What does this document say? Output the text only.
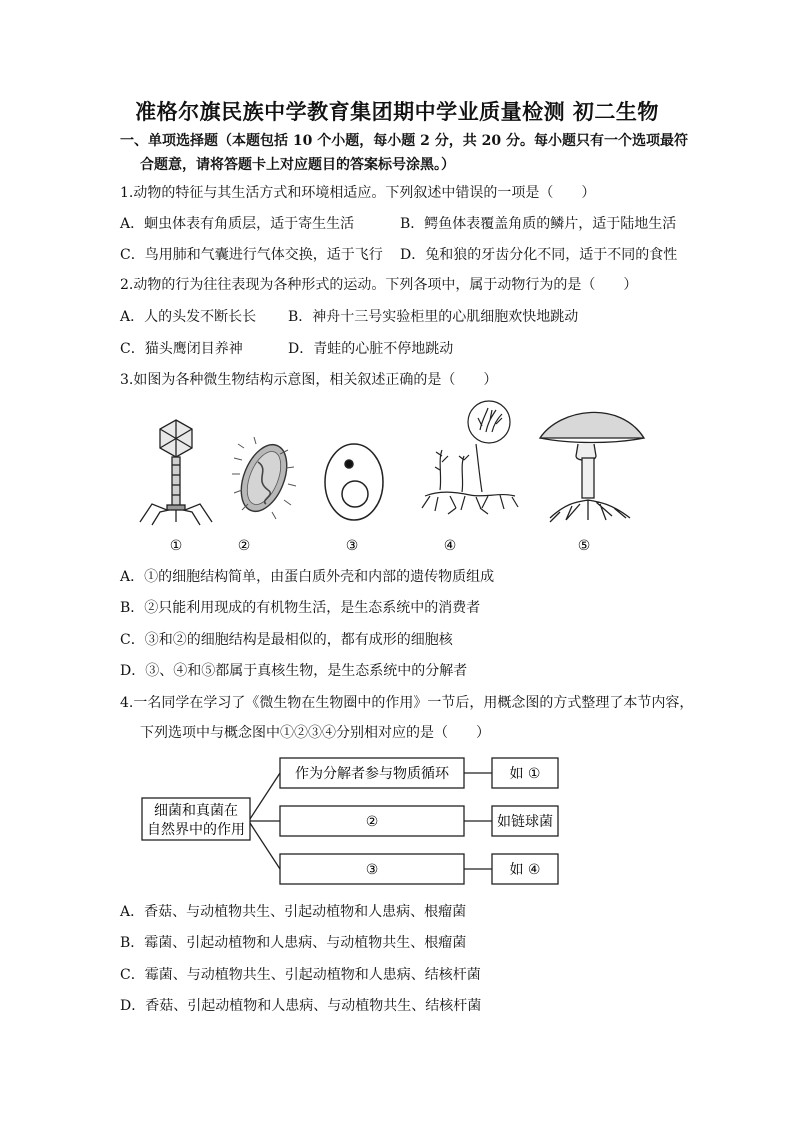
准格尔旗民族中学教育集团期中学业质量检测 初二生物
一、单项选择题（本题包括 10 个小题，每小题 2 分，共 20 分。每小题只有一个选项最符
合题意，请将答题卡上对应题目的答案标号涂黑。）
1.动物的特征与其生活方式和环境相适应。下列叙述中错误的一项是（　　）
A．蛔虫体表有角质层，适于寄生生活	B．鳄鱼体表覆盖角质的鳞片，适于陆地生活
C．鸟用肺和气囊进行气体交换，适于飞行 D．兔和狼的牙齿分化不同，适于不同的食性
2.动物的行为往往表现为各种形式的运动。下列各项中，属于动物行为的是（　　）
A．人的头发不断长长 B．神舟十三号实验柜里的心肌细胞欢快地跳动
C．猫头鹰闭目养神	D．青蛙的心脏不停地跳动
3.如图为各种微生物结构示意图，相关叙述正确的是（　　）
①	②	③	④	⑤
A．①的细胞结构简单，由蛋白质外壳和内部的遗传物质组成
B．②只能利用现成的有机物生活，是生态系统中的消费者
C．③和②的细胞结构是最相似的，都有成形的细胞核
D．③、④和⑤都属于真核生物，是生态系统中的分解者
4.一名同学在学习了《微生物在生物圈中的作用》一节后，用概念图的方式整理了本节内容，
下列选项中与概念图中①②③④分别相对应的是（　　）
细菌和真菌在
自然界中的作用
作为分解者参与物质循环
②
③
如 ①
如链球菌
如 ④
A．香菇、与动植物共生、引起动植物和人患病、根瘤菌
B．霉菌、引起动植物和人患病、与动植物共生、根瘤菌
C．霉菌、与动植物共生、引起动植物和人患病、结核杆菌
D．香菇、引起动植物和人患病、与动植物共生、结核杆菌
